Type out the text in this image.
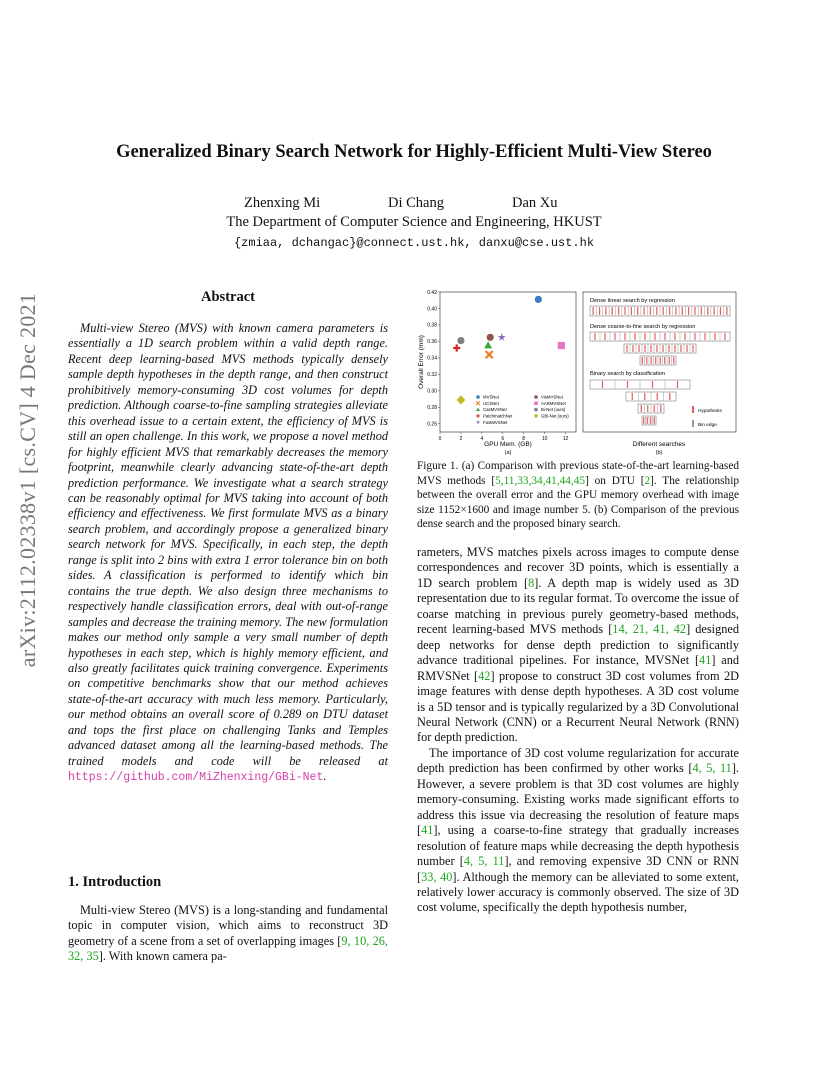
Generalized Binary Search Network for Highly-Efficient Multi-View Stereo
Zhenxing Mi	Di Chang	Dan Xu
The Department of Computer Science and Engineering, HKUST
{zmiaa, dchangac}@connect.ust.hk, danxu@cse.ust.hk
arXiv:2112.02338v1 [cs.CV] 4 Dec 2021	Abstract

Multi-view Stereo (MVS) with known camera parameters is essentially a 1D search problem within a valid depth range. Recent deep learning-based MVS methods typically densely sample depth hypotheses in the depth range, and then construct prohibitively memory-consuming 3D cost volumes for depth prediction. Although coarse-to-fine sampling strategies alleviate this overhead issue to a certain extent, the efficiency of MVS is still an open challenge. In this work, we propose a novel method for highly efficient MVS that remarkably decreases the memory footprint, meanwhile clearly advancing state-of-the-art depth prediction performance. We investigate what a search strategy can be reasonably optimal for MVS taking into account of both efficiency and effectiveness. We first formulate MVS as a binary search problem, and accordingly propose a generalized binary search network for MVS. Specifically, in each step, the depth range is split into 2 bins with extra 1 error tolerance bin on both sides. A classification is performed to identify which bin contains the true depth. We also design three mechanisms to respectively handle classification errors, deal with out-of-range samples and decrease the training memory. The new formulation makes our method only sample a very small number of depth hypotheses in each step, which is highly memory efficient, and also greatly facilitates quick training convergence. Experiments on competitive benchmarks show that our method achieves state-of-the-art accuracy with much less memory. Particularly, our method obtains an overall score of 0.289 on DTU dataset and tops the first place on challenging Tanks and Temples advanced dataset among all the learning-based methods. The trained models and code will be released at https://github.com/MiZhenxing/GBi-Net.

1. Introduction

Multi-view Stereo (MVS) is a long-standing and fundamental topic in computer vision, which aims to reconstruct 3D geometry of a scene from a set of overlapping images [9, 10, 26, 32, 35]. With known camera pa-

0.26
0.28
0.30
0.32
0.34
0.36
0.38
0.40
0.42
0	2	4	6	8	10	12
MVSNet
UCSNet
CasMVSNet
PatchmatchNet
FastMVSNet
VisMVSNet
AARMVSNet
Bi-Net (ours)
GBi-Net (ours)
GPU Mem. (GB)
(a)
Overall Error (mm)
Dense linear search by regression
Dense coarse-to-fine search by regression
Binary search by classification
Hypothesis
Bin edge
Different searches
(b)
Figure 1. (a) Comparison with previous state-of-the-art learning-based MVS methods [5,11,33,34,41,44,45] on DTU [2]. The relationship between the overall error and the GPU memory overhead with image size 1152×1600 and image number 5. (b) Comparison of the previous dense search and the proposed binary search.

rameters, MVS matches pixels across images to compute dense correspondences and recover 3D points, which is essentially a 1D search problem [8]. A depth map is widely used as 3D representation due to its regular format. To overcome the issue of coarse matching in previous purely geometry-based methods, recent learning-based MVS methods [14, 21, 41, 42] designed deep networks for dense depth prediction to significantly advance traditional pipelines. For instance, MVSNet [41] and RMVSNet [42] propose to construct 3D cost volumes from 2D image features with dense depth hypotheses. A 3D cost volume is a 5D tensor and is typically regularized by a 3D Convolutional Neural Network (CNN) or a Recurrent Neural Network (RNN) for depth prediction.

The importance of 3D cost volume regularization for accurate depth prediction has been confirmed by other works [4, 5, 11]. However, a severe problem is that 3D cost volumes are highly memory-consuming. Existing works made significant efforts to address this issue via decreasing the resolution of feature maps [41], using a coarse-to-fine strategy that gradually increases resolution of feature maps while decreasing the depth hypothesis number [4, 5, 11], and removing expensive 3D CNN or RNN [33, 40]. Although the memory can be alleviated to some extent, relatively lower accuracy is commonly observed. The size of 3D cost volume, specifically the depth hypothesis number,
